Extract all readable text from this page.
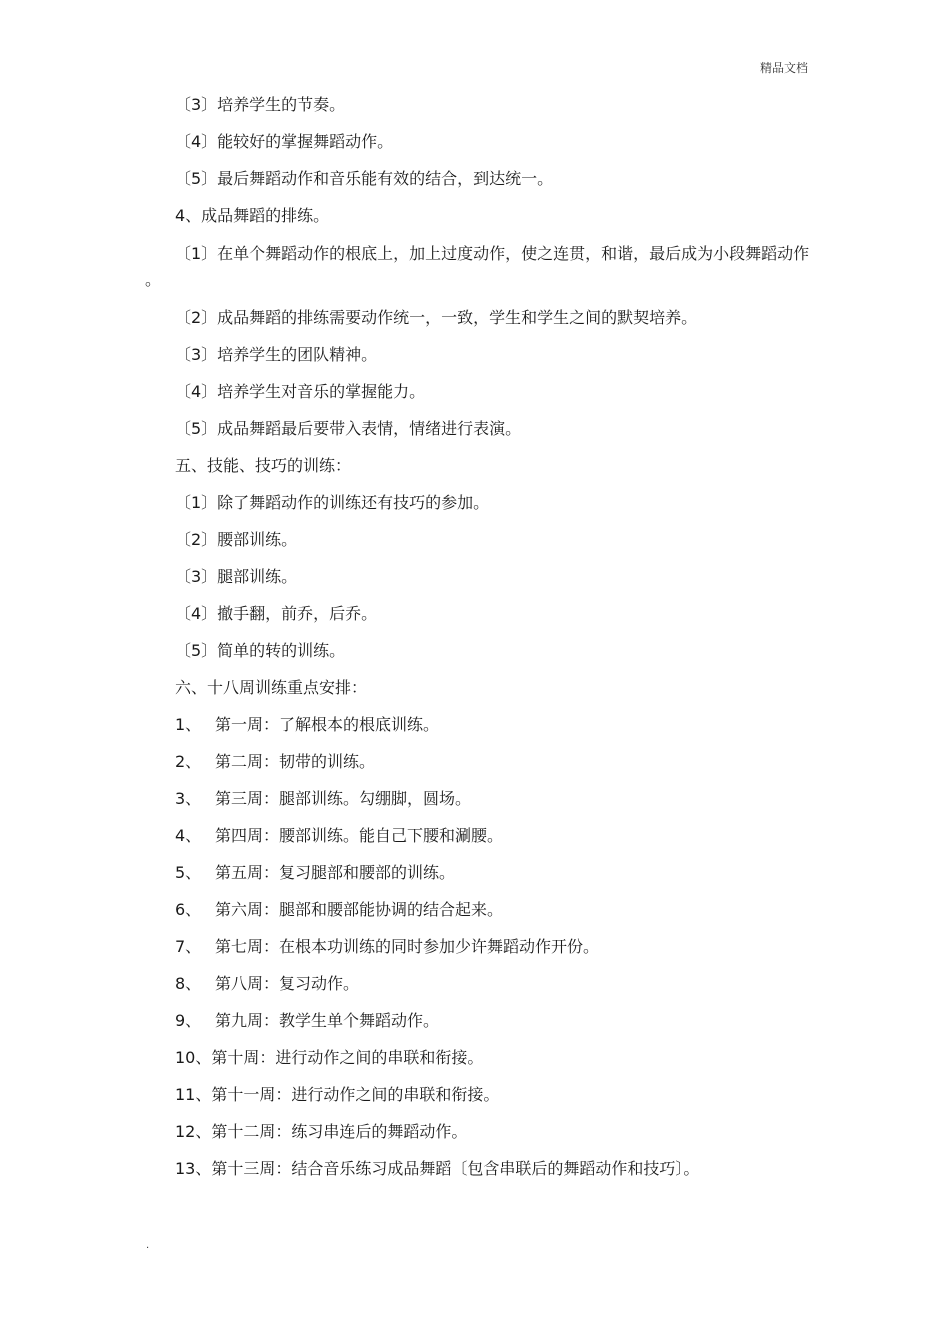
精品文档

〔3〕培养学生的节奏。

〔4〕能较好的掌握舞蹈动作。

〔5〕最后舞蹈动作和音乐能有效的结合，到达统一。

4、成品舞蹈的排练。

〔1〕在单个舞蹈动作的根底上，加上过度动作，使之连贯，和谐，最后成为小段舞蹈动作 。

〔2〕成品舞蹈的排练需要动作统一，一致，学生和学生之间的默契培养。

〔3〕培养学生的团队精神。

〔4〕培养学生对音乐的掌握能力。

〔5〕成品舞蹈最后要带入表情，情绪进行表演。

五、技能、技巧的训练：

〔1〕除了舞蹈动作的训练还有技巧的参加。

〔2〕腰部训练。

〔3〕腿部训练。

〔4〕撤手翻，前乔，后乔。

〔5〕简单的转的训练。

六、十八周训练重点安排：

1、 第一周：了解根本的根底训练。

2、 第二周：韧带的训练。

3、 第三周：腿部训练。勾绷脚，圆场。

4、 第四周：腰部训练。能自己下腰和涮腰。

5、 第五周：复习腿部和腰部的训练。

6、 第六周：腿部和腰部能协调的结合起来。

7、 第七周：在根本功训练的同时参加少许舞蹈动作开份。

8、 第八周：复习动作。

9、 第九周：教学生单个舞蹈动作。

10、第十周：进行动作之间的串联和衔接。

11、第十一周：进行动作之间的串联和衔接。

12、第十二周：练习串连后的舞蹈动作。

13、第十三周：结合音乐练习成品舞蹈〔包含串联后的舞蹈动作和技巧〕。

.
